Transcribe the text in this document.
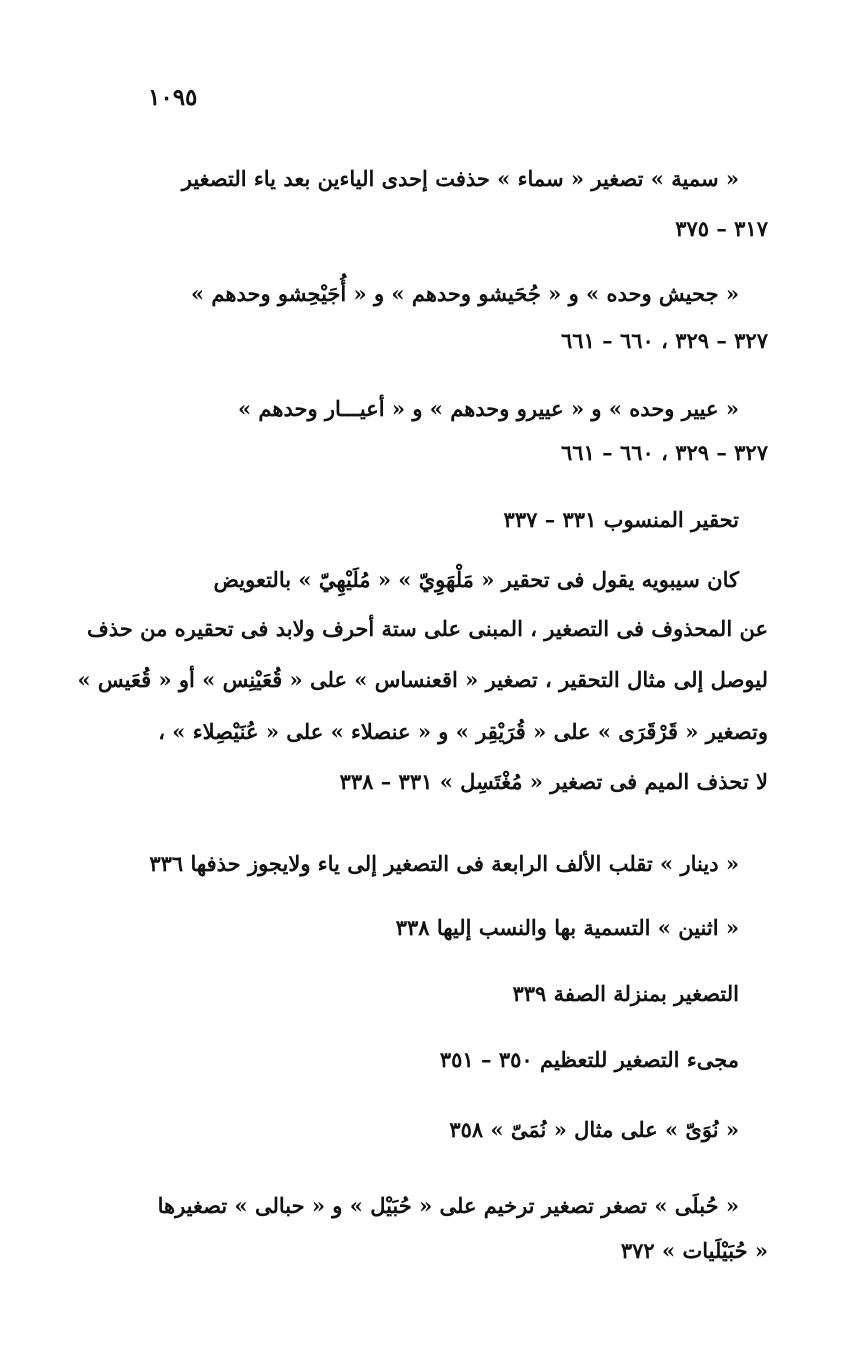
١٠٩٥
« سمية » تصغير « سماء » حذفت إحدى الياءين بعد ياء التصغير
٣١٧ – ٣٧٥
« جحيش وحده » و « جُحَيشو وحدهم » و « أُجَيْحِشو وحدهم »
٣٢٧ – ٣٢٩ ، ٦٦٠ – ٦٦١
« عيير وحده » و « عييرو وحدهم » و « أعيـــار وحدهم »
٣٢٧ – ٣٢٩ ، ٦٦٠ – ٦٦١
تحقير المنسوب ٣٣١ – ٣٣٧
كان سيبويه يقول فى تحقير « مَلْهَوِيّ » « مُلَيْهِيّ » بالتعويض
عن المحذوف فى التصغير ، المبنى على ستة أحرف ولابد فى تحقيره من حذف
ليوصل إلى مثال التحقير ، تصغير « اقعنساس » على « قُعَيْنِس » أو « قُعَيس »
وتصغير « قَرْقَرَى » على « قُرَيْقِر » و « عنصلاء » على « عُنَيْصِلاء » ،
لا تحذف الميم فى تصغير « مُغْتَسِل » ٣٣١ – ٣٣٨
« دينار » تقلب الألف الرابعة فى التصغير إلى ياء ولايجوز حذفها ٣٣٦
« اثنين » التسمية بها والنسب إليها ٣٣٨
التصغير بمنزلة الصفة ٣٣٩
مجىء التصغير للتعظيم ٣٥٠ – ٣٥١
« نُوَىّ » على مثال « نُمَىّ » ٣٥٨
« حُبلَى » تصغر تصغير ترخيم على « حُبَيْل » و « حبالى » تصغيرها
« حُبَيْلَيات » ٣٧٢
